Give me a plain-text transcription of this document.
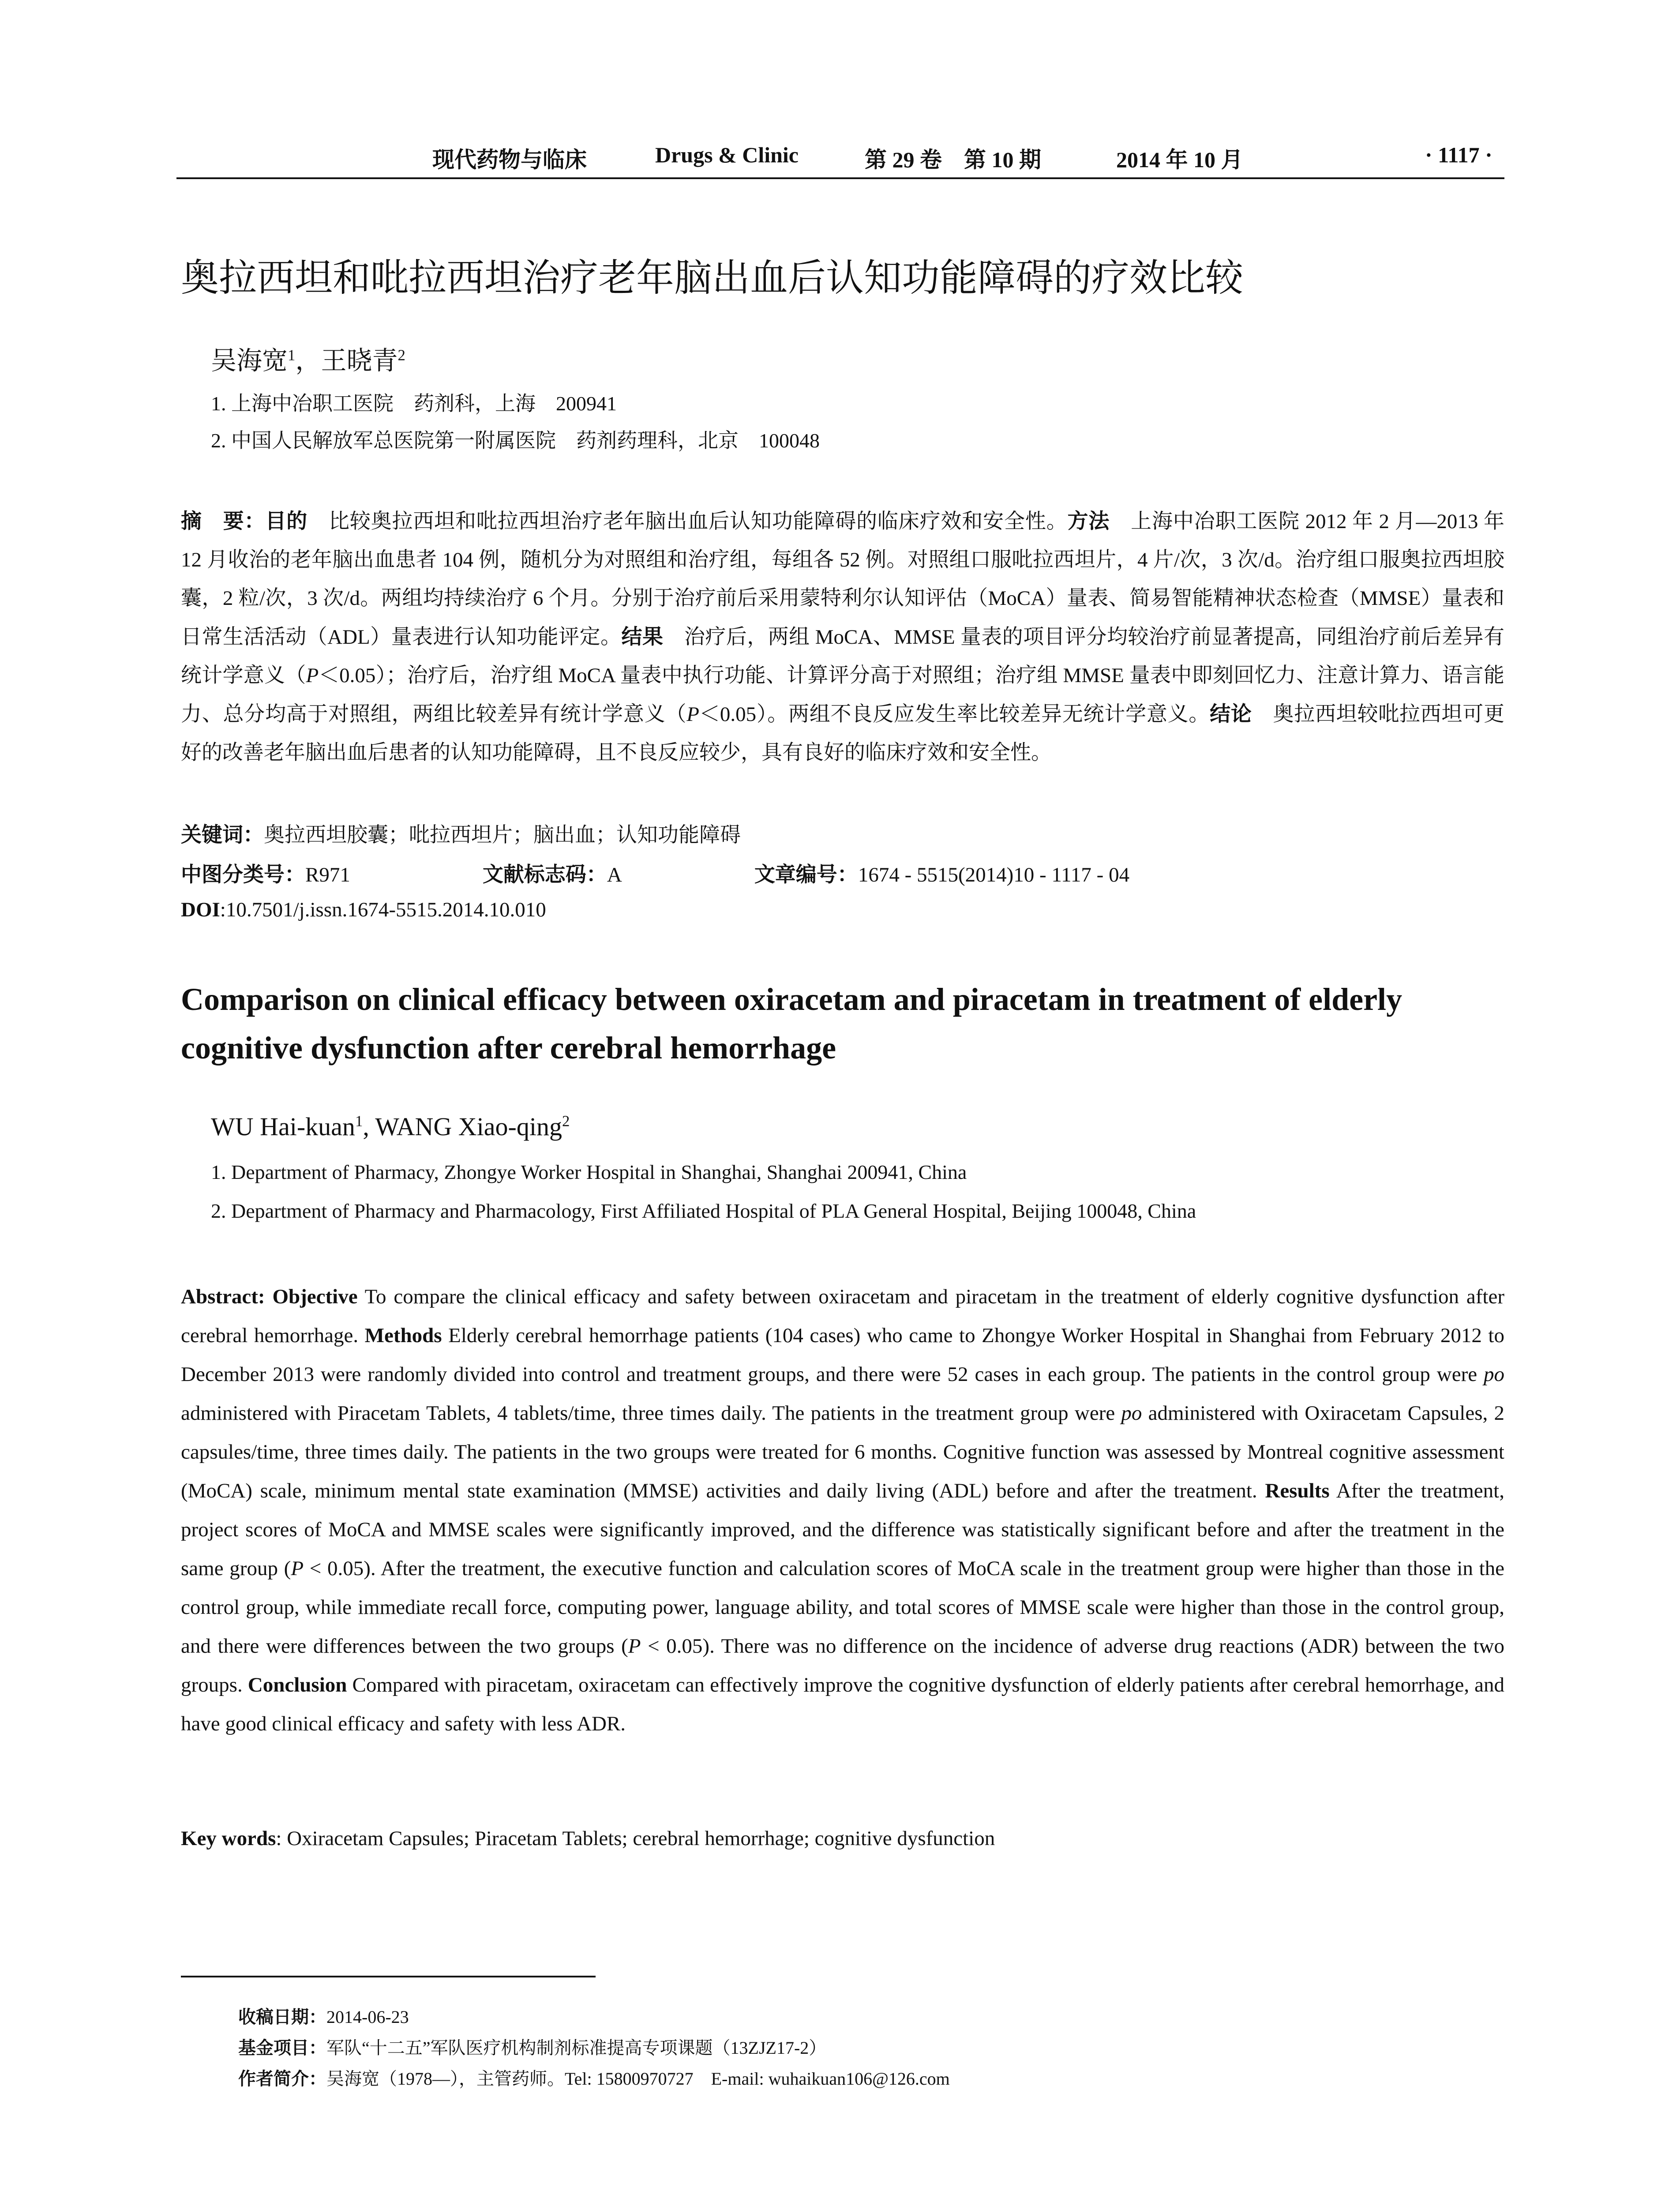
现代药物与临床	Drugs & Clinic	第 29 卷　第 10 期	2014 年 10 月	· 1117 ·
奥拉西坦和吡拉西坦治疗老年脑出血后认知功能障碍的疗效比较
吴海宽$^1$，王晓青$^2$
1. 上海中冶职工医院　药剂科，上海　200941
2. 中国人民解放军总医院第一附属医院　药剂药理科，北京　100048
摘　要：目的　比较奥拉西坦和吡拉西坦治疗老年脑出血后认知功能障碍的临床疗效和安全性。方法　上海中冶职工医院 2012 年 2 月—2013 年 12 月收治的老年脑出血患者 104 例，随机分为对照组和治疗组，每组各 52 例。对照组口服吡拉西坦片，4 片/次，3 次/d。治疗组口服奥拉西坦胶囊，2 粒/次，3 次/d。两组均持续治疗 6 个月。分别于治疗前后采用蒙特利尔认知评估（MoCA）量表、简易智能精神状态检查（MMSE）量表和日常生活活动（ADL）量表进行认知功能评定。结果　治疗后，两组 MoCA、MMSE 量表的项目评分均较治疗前显著提高，同组治疗前后差异有统计学意义（P＜0.05）；治疗后，治疗组 MoCA 量表中执行功能、计算评分高于对照组；治疗组 MMSE 量表中即刻回忆力、注意计算力、语言能力、总分均高于对照组，两组比较差异有统计学意义（P＜0.05）。两组不良反应发生率比较差异无统计学意义。结论　奥拉西坦较吡拉西坦可更好的改善老年脑出血后患者的认知功能障碍，且不良反应较少，具有良好的临床疗效和安全性。
关键词：奥拉西坦胶囊；吡拉西坦片；脑出血；认知功能障碍
中图分类号：R971	文献标志码：A	文章编号：1674 - 5515(2014)10 - 1117 - 04
DOI:10.7501/j.issn.1674-5515.2014.10.010
Comparison on clinical efficacy between oxiracetam and piracetam in treatment of elderly cognitive dysfunction after cerebral hemorrhage
WU Hai-kuan$^1$, WANG Xiao-qing$^2$
1. Department of Pharmacy, Zhongye Worker Hospital in Shanghai, Shanghai 200941, China
2. Department of Pharmacy and Pharmacology, First Affiliated Hospital of PLA General Hospital, Beijing 100048, China
Abstract: Objective To compare the clinical efficacy and safety between oxiracetam and piracetam in the treatment of elderly cognitive dysfunction after cerebral hemorrhage. Methods Elderly cerebral hemorrhage patients (104 cases) who came to Zhongye Worker Hospital in Shanghai from February 2012 to December 2013 were randomly divided into control and treatment groups, and there were 52 cases in each group. The patients in the control group were po administered with Piracetam Tablets, 4 tablets/time, three times daily. The patients in the treatment group were po administered with Oxiracetam Capsules, 2 capsules/time, three times daily. The patients in the two groups were treated for 6 months. Cognitive function was assessed by Montreal cognitive assessment (MoCA) scale, minimum mental state examination (MMSE) activities and daily living (ADL) before and after the treatment. Results After the treatment, project scores of MoCA and MMSE scales were significantly improved, and the difference was statistically significant before and after the treatment in the same group (P < 0.05). After the treatment, the executive function and calculation scores of MoCA scale in the treatment group were higher than those in the control group, while immediate recall force, computing power, language ability, and total scores of MMSE scale were higher than those in the control group, and there were differences between the two groups (P < 0.05). There was no difference on the incidence of adverse drug reactions (ADR) between the two groups. Conclusion Compared with piracetam, oxiracetam can effectively improve the cognitive dysfunction of elderly patients after cerebral hemorrhage, and have good clinical efficacy and safety with less ADR.
Key words: Oxiracetam Capsules; Piracetam Tablets; cerebral hemorrhage; cognitive dysfunction
收稿日期：2014-06-23
基金项目：军队“十二五”军队医疗机构制剂标准提高专项课题（13ZJZ17-2）
作者简介：吴海宽（1978—），主管药师。Tel: 15800970727　E-mail: wuhaikuan106@126.com
